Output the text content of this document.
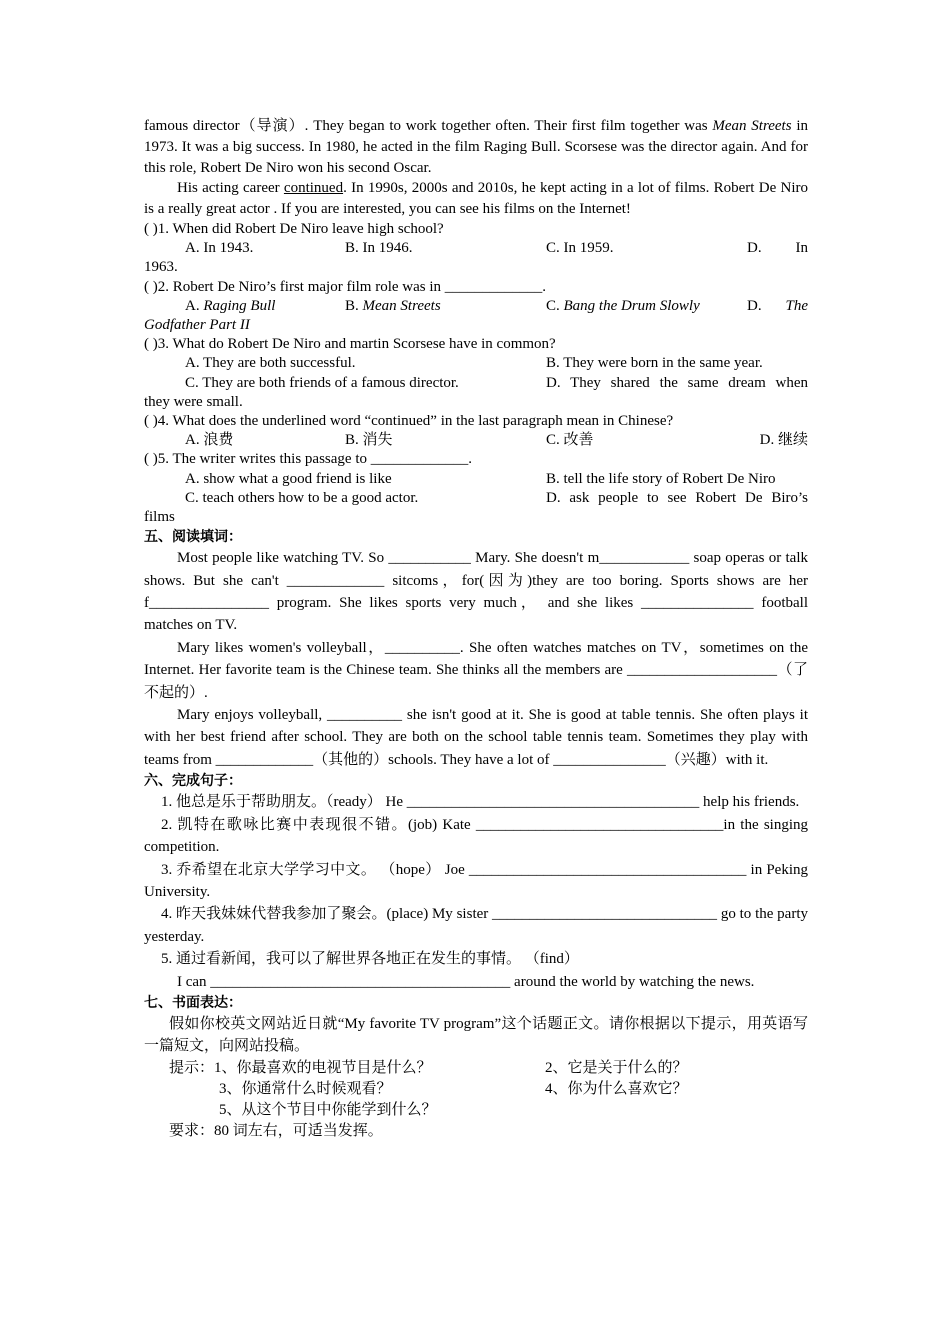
famous director（导演）. They began to work together often. Their first film together was Mean Streets in 1973. It was a big success. In 1980, he acted in the film Raging Bull. Scorsese was the director again. And for this role, Robert De Niro won his second Oscar.

His acting career continued. In 1990s, 2000s and 2010s, he kept acting in a lot of films. Robert De Niro is a really great actor . If you are interested, you can see his films on the Internet!

( )1. When did Robert De Niro leave high school?

A. In 1943.	B. In 1946.	C. In 1959.	D. In

1963.

( )2. Robert De Niro’s first major film role was in _____________.

A. Raging Bull	B. Mean Streets	C. Bang the Drum Slowly	D. The

Godfather Part II

( )3. What do Robert De Niro and martin Scorsese have in common?

A. They are both successful.	B. They were born in the same year.
C. They are both friends of a famous director.	D. They shared the same dream when

they were small.

( )4. What does the underlined word “continued” in the last paragraph mean in Chinese?

A. 浪费	B. 消失	C. 改善	D. 继续

( )5. The writer writes this passage to _____________.

A. show what a good friend is like	B. tell the life story of Robert De Niro
C. teach others how to be a good actor.	D. ask people to see Robert De Biro’s

films

五、阅读填词：

Most people like watching TV. So ___________ Mary. She doesn't m____________ soap operas or talk shows. But she can't _____________ sitcoms，for(因为)they are too boring. Sports shows are her f________________ program. She likes sports very much， and she likes _______________ football matches on TV.

Mary likes women's volleyball，__________. She often watches matches on TV，sometimes on the Internet. Her favorite team is the Chinese team. She thinks all the members are ____________________（了不起的）.

Mary enjoys volleyball, __________ she isn't good at it. She is good at table tennis. She often plays it with her best friend after school. They are both on the school table tennis team. Sometimes they play with teams from _____________（其他的）schools. They have a lot of _______________（兴趣）with it.

六、完成句子：

1. 他总是乐于帮助朋友。（ready） He _______________________________________ help his friends.

2. 凯特在歌咏比赛中表现很不错。(job) Kate _________________________________in the singing competition.

3. 乔希望在北京大学学习中文。 （hope） Joe _____________________________________ in Peking University.

4. 昨天我妹妹代替我参加了聚会。(place) My sister ______________________________ go to the party yesterday.

5. 通过看新闻，我可以了解世界各地正在发生的事情。 （find）

I can ________________________________________ around the world by watching the news.

七、书面表达：

假如你校英文网站近日就“My favorite TV program”这个话题正文。请你根据以下提示，用英语写一篇短文，向网站投稿。

提示：1、你最喜欢的电视节目是什么？	2、它是关于什么的？
3、你通常什么时候观看？	4、你为什么喜欢它？
5、从这个节目中你能学到什么？

要求：80 词左右，可适当发挥。
